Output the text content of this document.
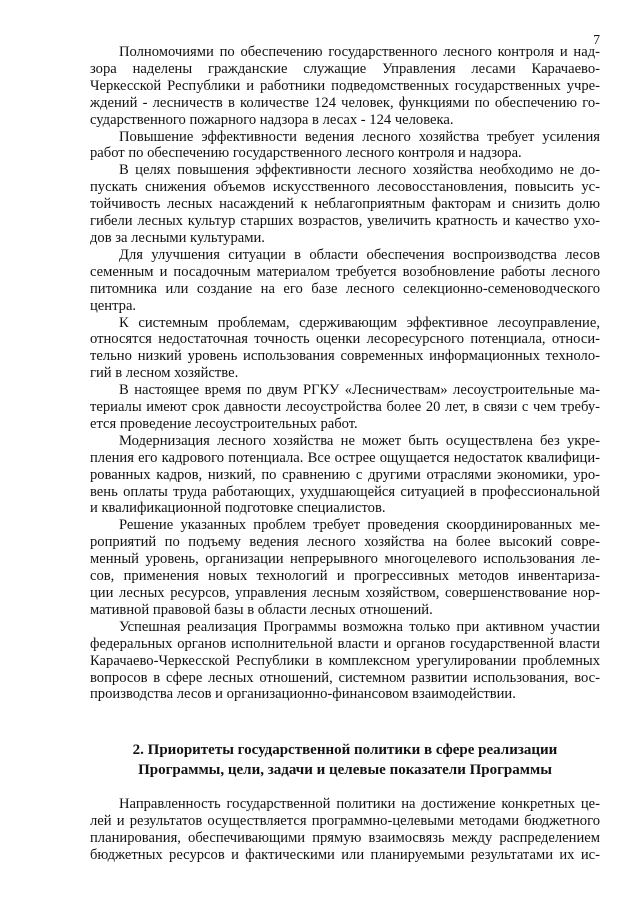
7

Полномочиями по обеспечению государственного лесного контроля и над-
зора наделены гражданские служащие Управления лесами Карачаево-
Черкесской Республики и работники подведомственных государственных учре-
ждений - лесничеств в количестве 124 человек, функциями по обеспечению го-
сударственного пожарного надзора в лесах - 124 человека.

Повышение эффективности ведения лесного хозяйства требует усиления
работ по обеспечению государственного лесного контроля и надзора.

В целях повышения эффективности лесного хозяйства необходимо не до-
пускать снижения объемов искусственного лесовосстановления, повысить ус-
тойчивость лесных насаждений к неблагоприятным факторам и снизить долю
гибели лесных культур старших возрастов, увеличить кратность и качество ухо-
дов за лесными культурами.

Для улучшения ситуации в области обеспечения воспроизводства лесов
семенным и посадочным материалом требуется возобновление работы лесного
питомника или создание на его базе лесного селекционно-семеноводческого
центра.

К системным проблемам, сдерживающим эффективное лесоуправление,
относятся недостаточная точность оценки лесоресурсного потенциала, относи-
тельно низкий уровень использования современных информационных техноло-
гий в лесном хозяйстве.

В настоящее время по двум РГКУ «Лесничествам» лесоустроительные ма-
териалы имеют срок давности лесоустройства более 20 лет, в связи с чем требу-
ется проведение лесоустроительных работ.

Модернизация лесного хозяйства не может быть осуществлена без укре-
пления его кадрового потенциала. Все острее ощущается недостаток квалифици-
рованных кадров, низкий, по сравнению с другими отраслями экономики, уро-
вень оплаты труда работающих, ухудшающейся ситуацией в профессиональной
и квалификационной подготовке специалистов.

Решение указанных проблем требует проведения скоординированных ме-
роприятий по подъему ведения лесного хозяйства на более высокий совре-
менный уровень, организации непрерывного многоцелевого использования ле-
сов, применения новых технологий и прогрессивных методов инвентариза-
ции лесных ресурсов, управления лесным хозяйством, совершенствование нор-
мативной правовой базы в области лесных отношений.

Успешная реализация Программы возможна только при активном участии
федеральных органов исполнительной власти и органов государственной власти
Карачаево-Черкесской Республики в комплексном урегулировании проблемных
вопросов в сфере лесных отношений, системном развитии использования, вос-
производства лесов и организационно-финансовом взаимодействии.

2. Приоритеты государственной политики в сфере реализации
Программы, цели, задачи и целевые показатели Программы

Направленность государственной политики на достижение конкретных це-
лей и результатов осуществляется программно-целевыми методами бюджетного
планирования, обеспечивающими прямую взаимосвязь между распределением
бюджетных ресурсов и фактическими или планируемыми результатами их ис-
